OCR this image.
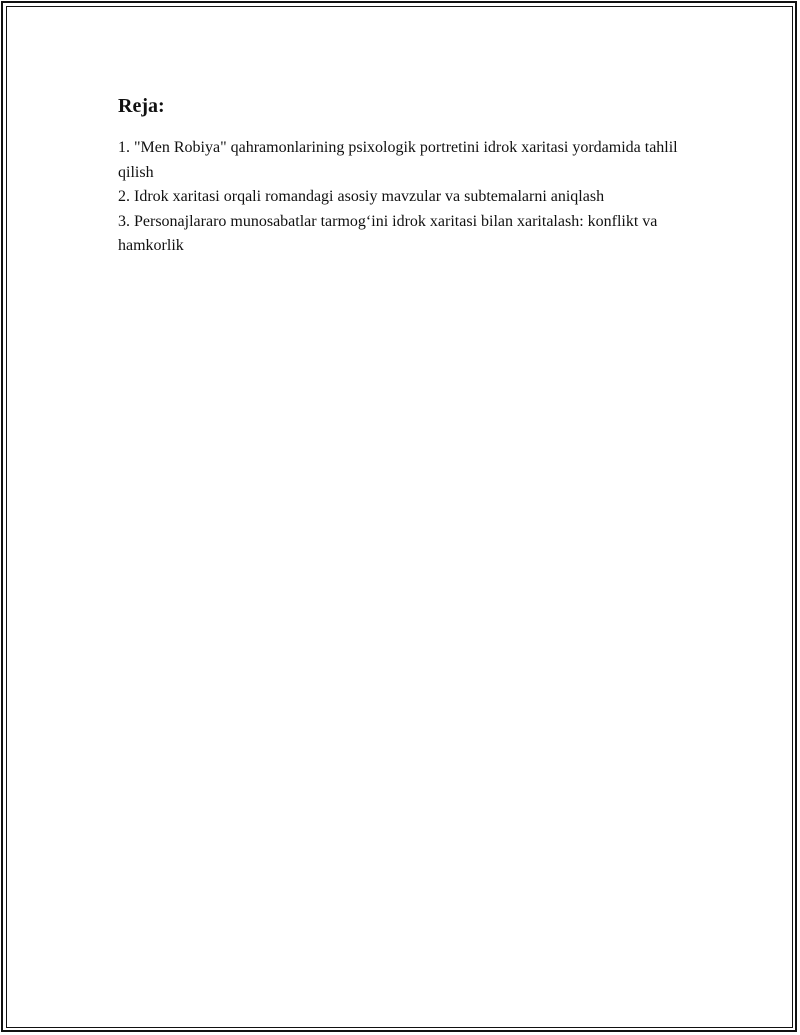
Reja:
1. "Men Robiya" qahramonlarining psixologik portretini idrok xaritasi yordamida tahlil qilish
2. Idrok xaritasi orqali romandagi asosiy mavzular va subtemalarni aniqlash
3. Personajlararo munosabatlar tarmog‘ini idrok xaritasi bilan xaritalash: konflikt va hamkorlik
